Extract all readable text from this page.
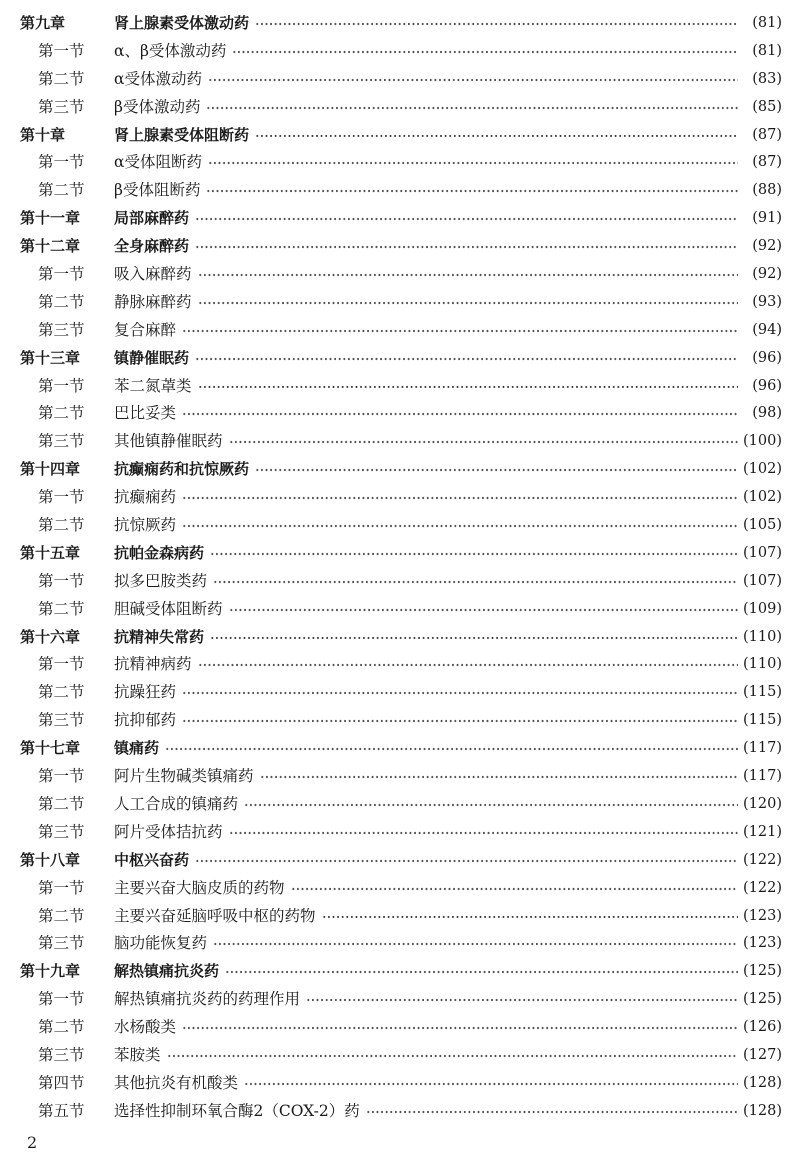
第九章	肾上腺素受体激动药	(81)
第一节 α、β受体激动药	(81)
第二节 α受体激动药	(83)
第三节 β受体激动药	(85)
第十章	肾上腺素受体阻断药	(87)
第一节 α受体阻断药	(87)
第二节 β受体阻断药	(88)
第十一章 局部麻醉药	(91)
第十二章 全身麻醉药	(92)
第一节 吸入麻醉药	(92)
第二节 静脉麻醉药	(93)
第三节 复合麻醉	(94)
第十三章 镇静催眠药	(96)
第一节 苯二氮䓬类	(96)
第二节 巴比妥类	(98)
第三节 其他镇静催眠药	(100)
第十四章 抗癫痫药和抗惊厥药	(102)
第一节 抗癫痫药	(102)
第二节 抗惊厥药	(105)
第十五章 抗帕金森病药	(107)
第一节 拟多巴胺类药	(107)
第二节 胆碱受体阻断药	(109)
第十六章 抗精神失常药	(110)
第一节 抗精神病药	(110)
第二节 抗躁狂药	(115)
第三节 抗抑郁药	(115)
第十七章 镇痛药	(117)
第一节 阿片生物碱类镇痛药	(117)
第二节 人工合成的镇痛药	(120)
第三节 阿片受体拮抗药	(121)
第十八章 中枢兴奋药	(122)
第一节 主要兴奋大脑皮质的药物	(122)
第二节 主要兴奋延脑呼吸中枢的药物	(123)
第三节 脑功能恢复药	(123)
第十九章 解热镇痛抗炎药	(125)
第一节 解热镇痛抗炎药的药理作用	(125)
第二节 水杨酸类	(126)
第三节 苯胺类	(127)
第四节 其他抗炎有机酸类	(128)
第五节 选择性抑制环氧合酶2（COX-2）药	(128)
2
